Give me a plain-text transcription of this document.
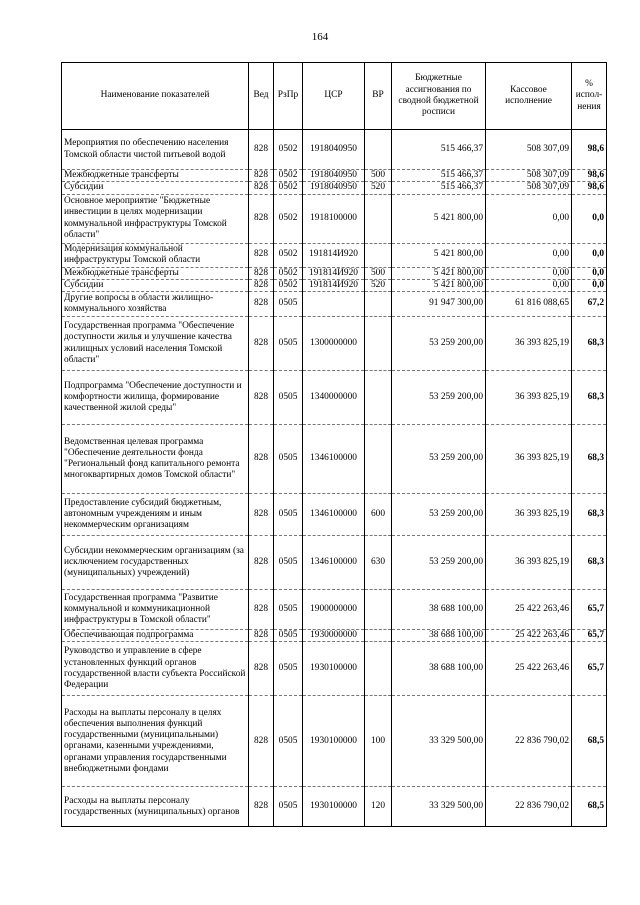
164
Наименование показателей	Вед	РзПр	ЦСР	ВР	Бюджетные ассигнования по сводной бюджетной росписи	Кассовое исполнение	% испол-нения
Мероприятия по обеспечению населения Томской области чистой питьевой водой	828	0502	1918040950		515 466,37	508 307,09	98,6
Межбюджетные трансферты	828	0502	1918040950	500	515 466,37	508 307,09	98,6
Субсидии	828	0502	1918040950	520	515 466,37	508 307,09	98,6
Основное мероприятие "Бюджетные инвестиции в целях модернизации коммунальной инфраструктуры Томской области"	828	0502	1918100000		5 421 800,00	0,00	0,0
Модернизация коммунальной инфраструктуры Томской области	828	0502	191814И920		5 421 800,00	0,00	0,0
Межбюджетные трансферты	828	0502	191814И920	500	5 421 800,00	0,00	0,0
Субсидии	828	0502	191814И920	520	5 421 800,00	0,00	0,0
Другие вопросы в области жилищно-коммунального хозяйства	828	0505			91 947 300,00	61 816 088,65	67,2
Государственная программа "Обеспечение доступности жилья и улучшение качества жилищных условий населения Томской области"	828	0505	1300000000		53 259 200,00	36 393 825,19	68,3
Подпрограмма "Обеспечение доступности и комфортности жилища, формирование качественной жилой среды"	828	0505	1340000000		53 259 200,00	36 393 825,19	68,3
Ведомственная целевая программа "Обеспечение деятельности фонда "Региональный фонд капитального ремонта многоквартирных домов Томской области"	828	0505	1346100000		53 259 200,00	36 393 825,19	68,3
Предоставление субсидий бюджетным, автономным учреждениям и иным некоммерческим организациям	828	0505	1346100000	600	53 259 200,00	36 393 825,19	68,3
Субсидии некоммерческим организациям (за исключением государственных (муниципальных) учреждений)	828	0505	1346100000	630	53 259 200,00	36 393 825,19	68,3
Государственная программа "Развитие коммунальной и коммуникационной инфраструктуры в Томской области"	828	0505	1900000000		38 688 100,00	25 422 263,46	65,7
Обеспечивающая подпрограмма	828	0505	1930000000		38 688 100,00	25 422 263,46	65,7
Руководство и управление в сфере установленных функций органов государственной власти субъекта Российской Федерации	828	0505	1930100000		38 688 100,00	25 422 263,46	65,7
Расходы на выплаты персоналу в целях обеспечения выполнения функций государственными (муниципальными) органами, казенными учреждениями, органами управления государственными внебюджетными фондами	828	0505	1930100000	100	33 329 500,00	22 836 790,02	68,5
Расходы на выплаты персоналу государственных (муниципальных) органов	828	0505	1930100000	120	33 329 500,00	22 836 790,02	68,5
